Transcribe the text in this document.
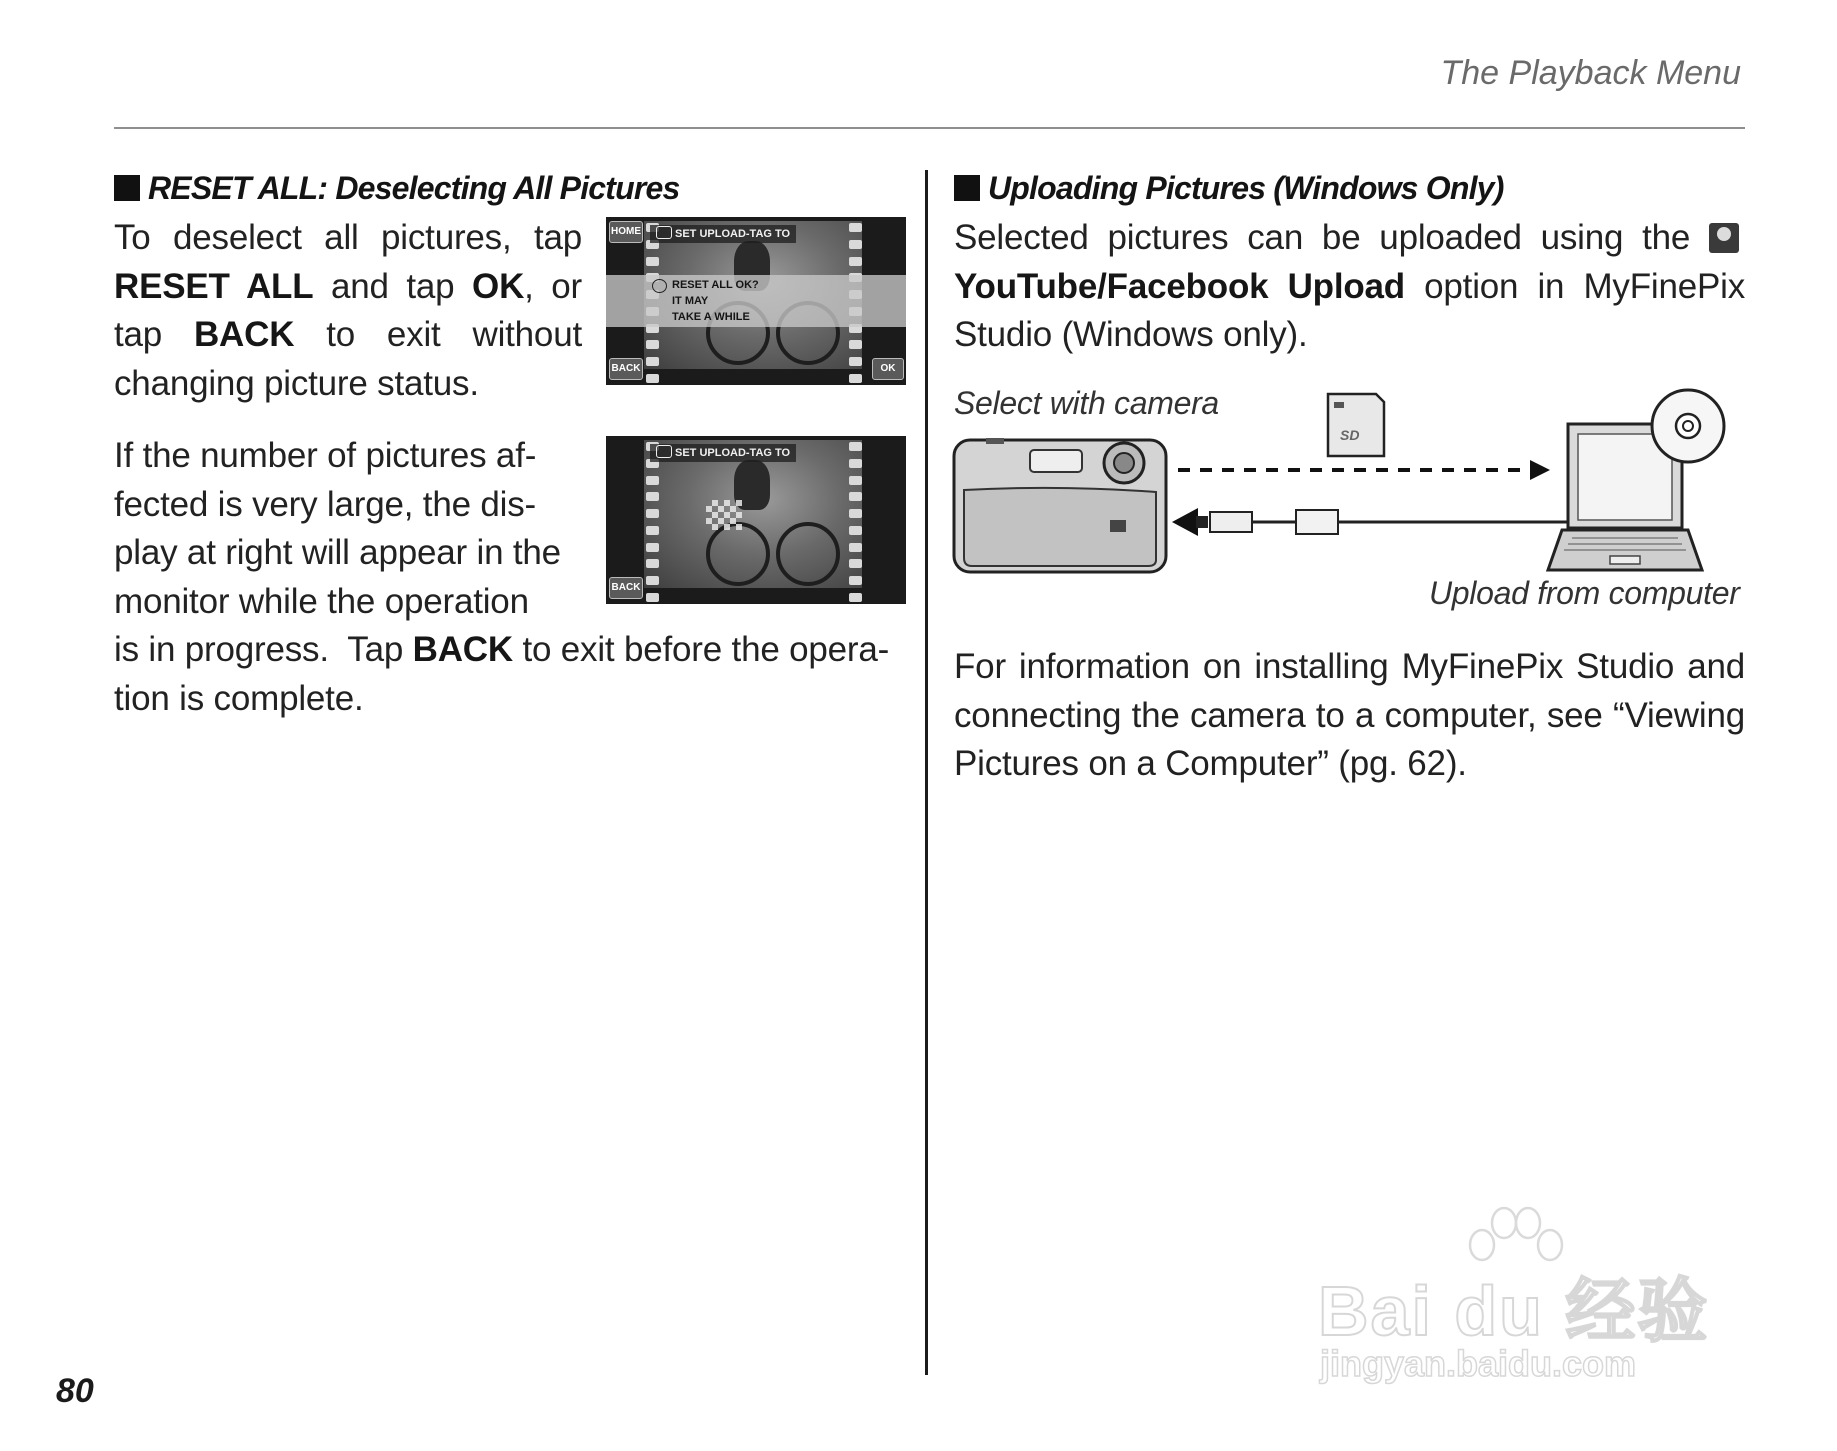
The Playback Menu
RESET ALL: Deselecting All Pictures
To deselect all pictures, tap RESET ALL and tap OK, or tap BACK to exit without changing picture status.
If the number of pictures af-
fected is very large, the dis-
play at right will appear in the
monitor while the operation
is in progress.  Tap BACK to exit before the opera-
tion is complete.
RESET ALL OK?
IT MAY
TAKE A WHILE
SET UPLOAD-TAG TO
HOME
BACK	OK
SET UPLOAD-TAG TO
BACK
Uploading Pictures (Windows Only)
Selected pictures can be uploaded using the
YouTube/Facebook Upload option in MyFinePix Studio (Windows only).
Select with camera
Upload from computer
SD
For information on installing MyFinePix Studio and connecting the camera to a computer, see “Viewing Pictures on a Computer” (pg. 62).
80
Bai du 经验
jingyan.baidu.com
